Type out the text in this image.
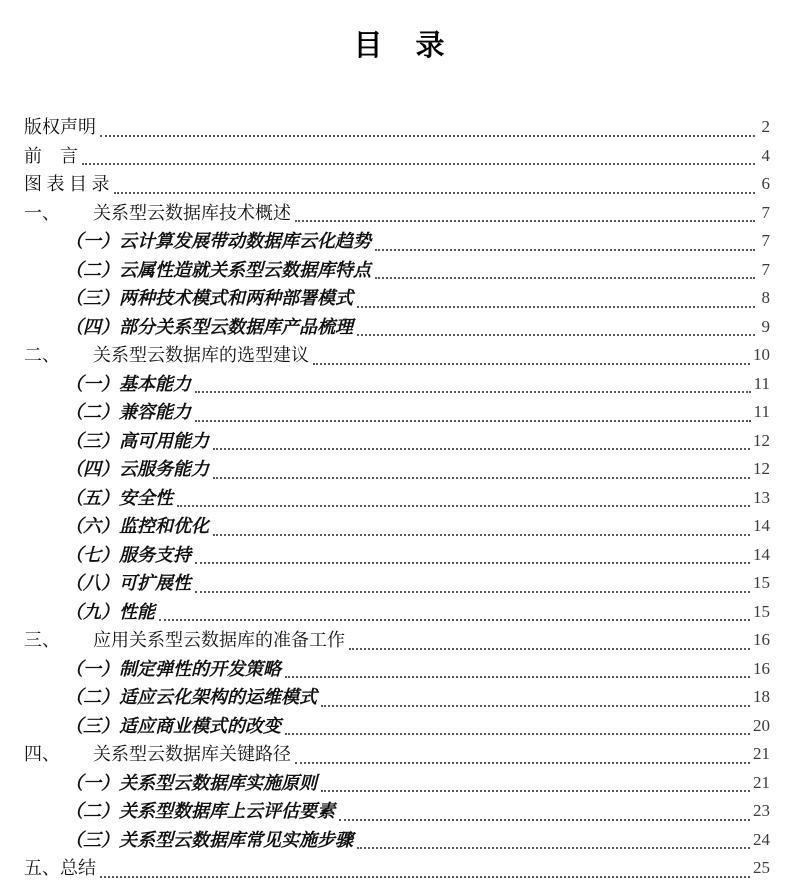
目　录
版权声明	2
前　言	4
图 表 目 录	6
一、	关系型云数据库技术概述	7
（一）云计算发展带动数据库云化趋势	7
（二）云属性造就关系型云数据库特点	7
（三）两种技术模式和两种部署模式	8
（四）部分关系型云数据库产品梳理	9
二、	关系型云数据库的选型建议	10
（一）基本能力	11
（二）兼容能力	11
（三）高可用能力	12
（四）云服务能力	12
（五）安全性	13
（六）监控和优化	14
（七）服务支持	14
（八）可扩展性	15
（九）性能	15
三、	应用关系型云数据库的准备工作	16
（一）制定弹性的开发策略	16
（二）适应云化架构的运维模式	18
（三）适应商业模式的改变	20
四、	关系型云数据库关键路径	21
（一）关系型云数据库实施原则	21
（二）关系型数据库上云评估要素	23
（三）关系型云数据库常见实施步骤	24
五、 总结	25
